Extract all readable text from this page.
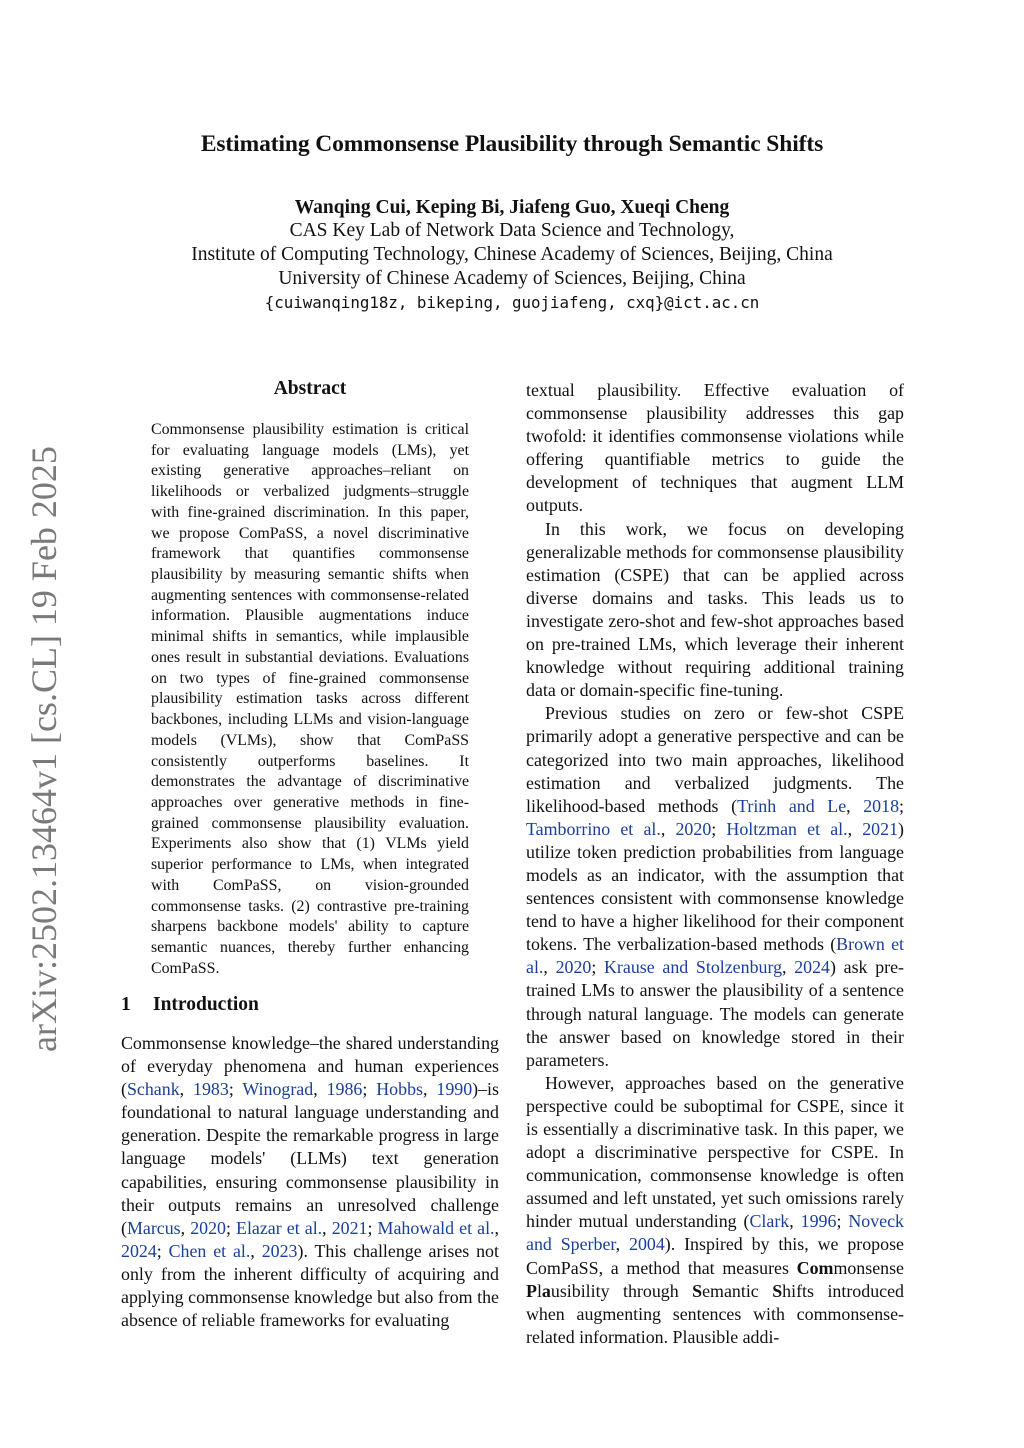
arXiv:2502.13464v1 [cs.CL] 19 Feb 2025
Estimating Commonsense Plausibility through Semantic Shifts
Wanqing Cui, Keping Bi, Jiafeng Guo, Xueqi Cheng
CAS Key Lab of Network Data Science and Technology,
Institute of Computing Technology, Chinese Academy of Sciences, Beijing, China
University of Chinese Academy of Sciences, Beijing, China
{cuiwanqing18z, bikeping, guojiafeng, cxq}@ict.ac.cn
Abstract
Commonsense plausibility estimation is critical for evaluating language models (LMs), yet existing generative approaches–reliant on likelihoods or verbalized judgments–struggle with fine-grained discrimination. In this paper, we propose ComPaSS, a novel discriminative framework that quantifies commonsense plausibility by measuring semantic shifts when augmenting sentences with commonsense-related information. Plausible augmentations induce minimal shifts in semantics, while implausible ones result in substantial deviations. Evaluations on two types of fine-grained commonsense plausibility estimation tasks across different backbones, including LLMs and vision-language models (VLMs), show that ComPaSS consistently outperforms baselines. It demonstrates the advantage of discriminative approaches over generative methods in fine-grained commonsense plausibility evaluation. Experiments also show that (1) VLMs yield superior performance to LMs, when integrated with ComPaSS, on vision-grounded commonsense tasks. (2) contrastive pre-training sharpens backbone models' ability to capture semantic nuances, thereby further enhancing ComPaSS.
1 Introduction

Commonsense knowledge–the shared understanding of everyday phenomena and human experiences (Schank, 1983; Winograd, 1986; Hobbs, 1990)–is foundational to natural language understanding and generation. Despite the remarkable progress in large language models' (LLMs) text generation capabilities, ensuring commonsense plausibility in their outputs remains an unresolved challenge (Marcus, 2020; Elazar et al., 2021; Mahowald et al., 2024; Chen et al., 2023). This challenge arises not only from the inherent difficulty of acquiring and applying commonsense knowledge but also from the absence of reliable frameworks for evaluating

textual plausibility. Effective evaluation of commonsense plausibility addresses this gap twofold: it identifies commonsense violations while offering quantifiable metrics to guide the development of techniques that augment LLM outputs.

In this work, we focus on developing generalizable methods for commonsense plausibility estimation (CSPE) that can be applied across diverse domains and tasks. This leads us to investigate zero-shot and few-shot approaches based on pre-trained LMs, which leverage their inherent knowledge without requiring additional training data or domain-specific fine-tuning.

Previous studies on zero or few-shot CSPE primarily adopt a generative perspective and can be categorized into two main approaches, likelihood estimation and verbalized judgments. The likelihood-based methods (Trinh and Le, 2018; Tamborrino et al., 2020; Holtzman et al., 2021) utilize token prediction probabilities from language models as an indicator, with the assumption that sentences consistent with commonsense knowledge tend to have a higher likelihood for their component tokens. The verbalization-based methods (Brown et al., 2020; Krause and Stolzenburg, 2024) ask pre-trained LMs to answer the plausibility of a sentence through natural language. The models can generate the answer based on knowledge stored in their parameters.

However, approaches based on the generative perspective could be suboptimal for CSPE, since it is essentially a discriminative task. In this paper, we adopt a discriminative perspective for CSPE. In communication, commonsense knowledge is often assumed and left unstated, yet such omissions rarely hinder mutual understanding (Clark, 1996; Noveck and Sperber, 2004). Inspired by this, we propose ComPaSS, a method that measures Commonsense Plausibility through Semantic Shifts introduced when augmenting sentences with commonsense-related information. Plausible addi-
